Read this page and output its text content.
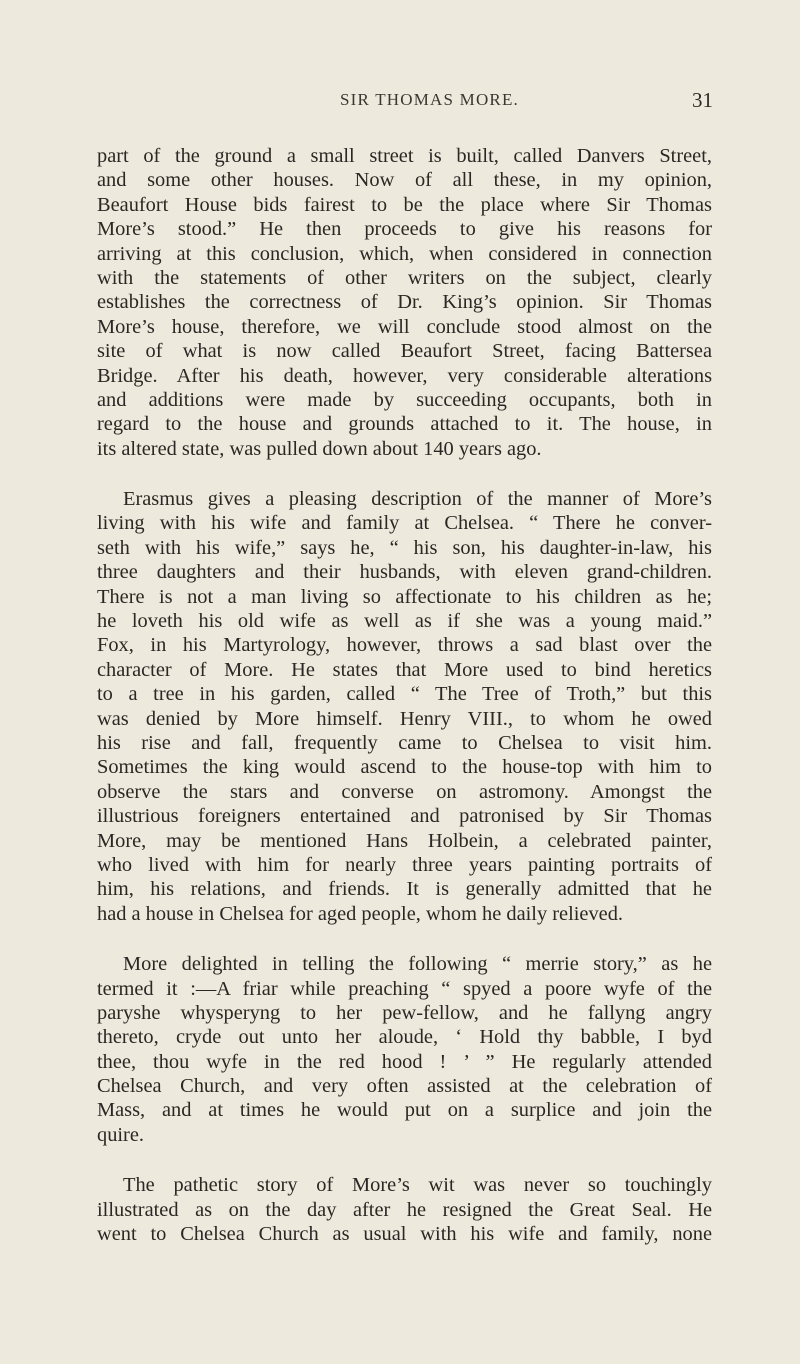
SIR THOMAS MORE.	31
part of the ground a small street is built, called Danvers Street,
and some other houses. Now of all these, in my opinion,
Beaufort House bids fairest to be the place where Sir Thomas
More’s stood.” He then proceeds to give his reasons for
arriving at this conclusion, which, when considered in connection
with the statements of other writers on the subject, clearly
establishes the correctness of Dr. King’s opinion. Sir Thomas
More’s house, therefore, we will conclude stood almost on the
site of what is now called Beaufort Street, facing Battersea
Bridge. After his death, however, very considerable alterations
and additions were made by succeeding occupants, both in
regard to the house and grounds attached to it. The house, in
its altered state, was pulled down about 140 years ago.
Erasmus gives a pleasing description of the manner of More’s
living with his wife and family at Chelsea. “ There he conver-
seth with his wife,” says he, “ his son, his daughter-in-law, his
three daughters and their husbands, with eleven grand-children.
There is not a man living so affectionate to his children as he;
he loveth his old wife as well as if she was a young maid.”
Fox, in his Martyrology, however, throws a sad blast over the
character of More. He states that More used to bind heretics
to a tree in his garden, called “ The Tree of Troth,” but this
was denied by More himself. Henry VIII., to whom he owed
his rise and fall, frequently came to Chelsea to visit him.
Sometimes the king would ascend to the house-top with him to
observe the stars and converse on astromony. Amongst the
illustrious foreigners entertained and patronised by Sir Thomas
More, may be mentioned Hans Holbein, a celebrated painter,
who lived with him for nearly three years painting portraits of
him, his relations, and friends. It is generally admitted that he
had a house in Chelsea for aged people, whom he daily relieved.
More delighted in telling the following “ merrie story,” as he
termed it :—A friar while preaching “ spyed a poore wyfe of the
paryshe whysperyng to her pew-fellow, and he fallyng angry
thereto, cryde out unto her aloude, ‘ Hold thy babble, I byd
thee, thou wyfe in the red hood ! ’ ” He regularly attended
Chelsea Church, and very often assisted at the celebration of
Mass, and at times he would put on a surplice and join the
quire.
The pathetic story of More’s wit was never so touchingly
illustrated as on the day after he resigned the Great Seal. He
went to Chelsea Church as usual with his wife and family, none
